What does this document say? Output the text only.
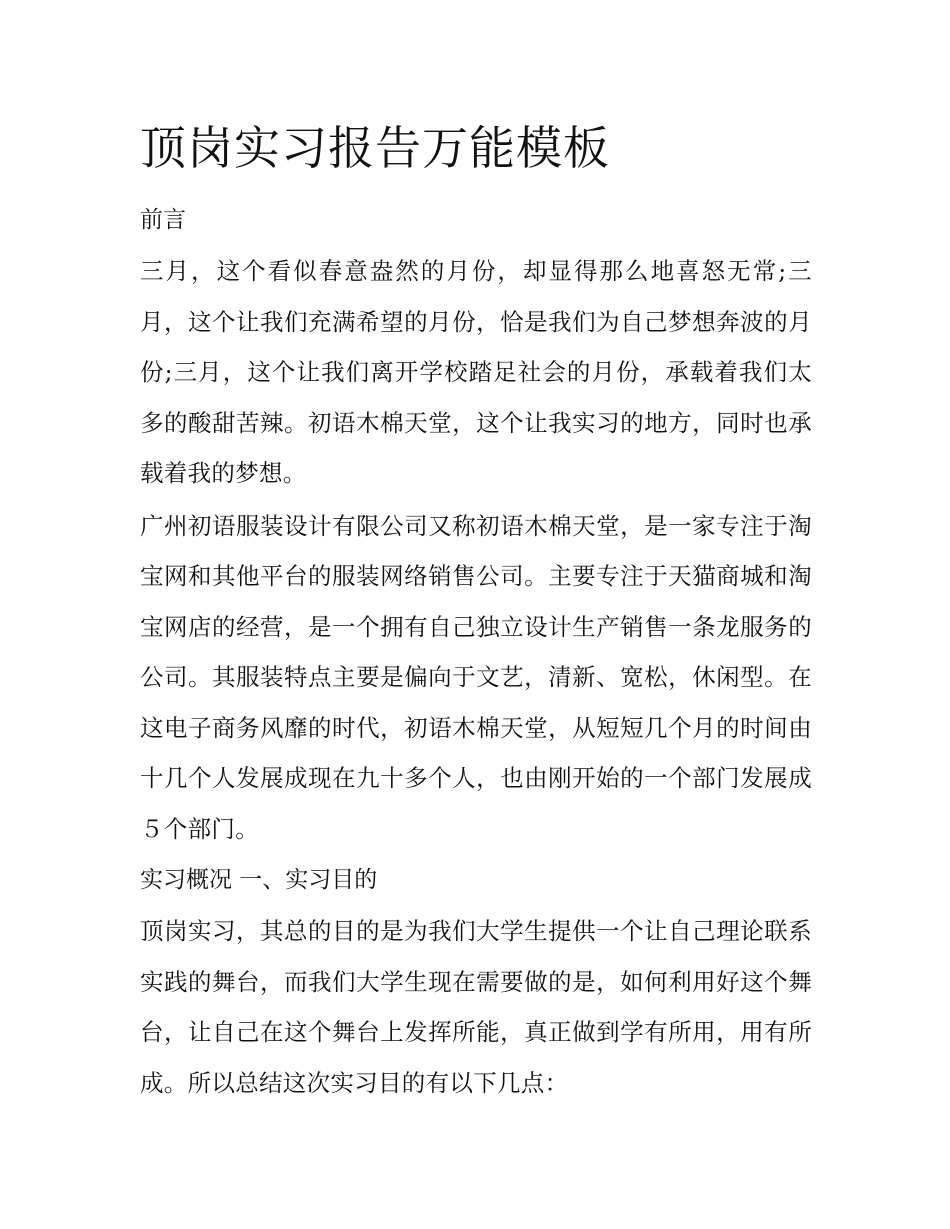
顶岗实习报告万能模板
前言

三月，这个看似春意盎然的月份，却显得那么地喜怒无常;三月，这个让我们充满希望的月份，恰是我们为自己梦想奔波的月份;三月，这个让我们离开学校踏足社会的月份，承载着我们太多的酸甜苦辣。初语木棉天堂，这个让我实习的地方，同时也承载着我的梦想。

广州初语服装设计有限公司又称初语木棉天堂，是一家专注于淘宝网和其他平台的服装网络销售公司。主要专注于天猫商城和淘宝网店的经营，是一个拥有自己独立设计生产销售一条龙服务的公司。其服装特点主要是偏向于文艺，清新、宽松，休闲型。在这电子商务风靡的时代，初语木棉天堂，从短短几个月的时间由十几个人发展成现在九十多个人，也由刚开始的一个部门发展成５个部门。

实习概况 一、实习目的

顶岗实习，其总的目的是为我们大学生提供一个让自己理论联系实践的舞台，而我们大学生现在需要做的是，如何利用好这个舞台，让自己在这个舞台上发挥所能，真正做到学有所用，用有所成。所以总结这次实习目的有以下几点：
